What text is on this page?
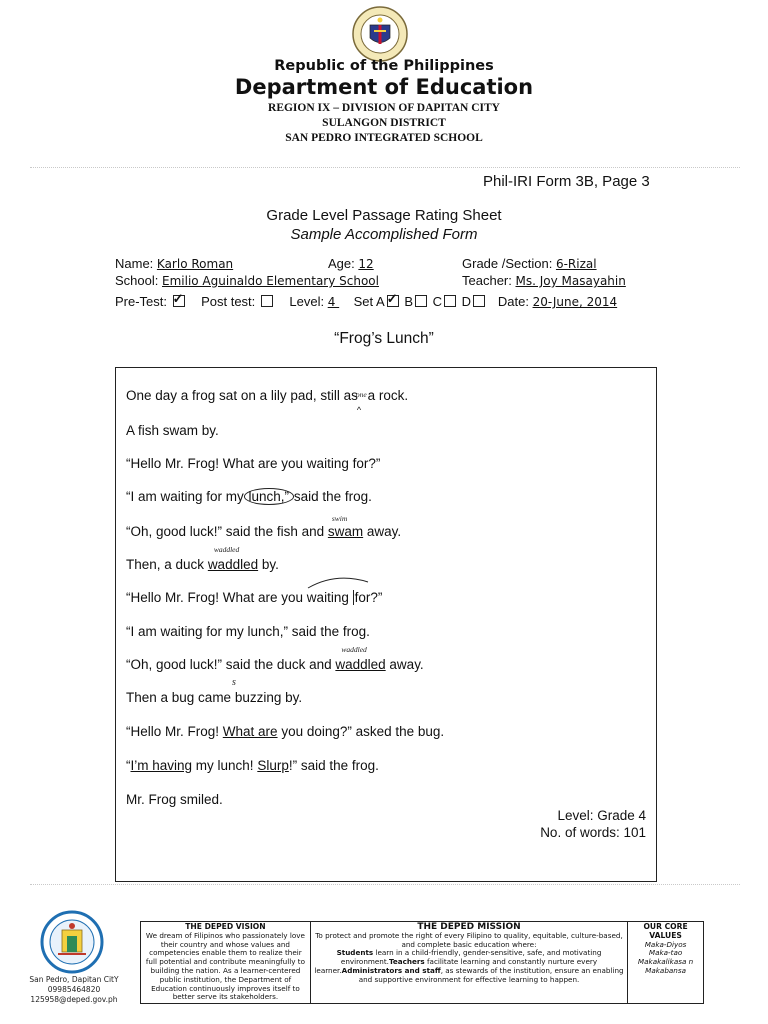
Republic of the Philippines
Department of Education
REGION IX – DIVISION OF DAPITAN CITY
SULANGON DISTRICT
SAN PEDRO INTEGRATED SCHOOL
Phil-IRI Form 3B, Page 3
Grade Level Passage Rating Sheet
Sample Accomplished Form
Name: Karlo Roman	Age: 12	Grade /Section: 6-Rizal
School: Emilio Aguinaldo Elementary School	Teacher: Ms. Joy Masayahin
Pre-Test: ✓	Post test:	Level: 4     Set A ✓ B C D Date: 20-June, 2014
“Frog’s Lunch”
One day a frog sat on a lily pad, still as
one
^
a rock.
A fish swam by.
“Hello Mr. Frog! What are you waiting for?”
“I am waiting for my lunch,” said the frog.
“Oh, good luck!” said the fish and
swim
swam away.
Then, a duck
waddled
waddled by.
“Hello Mr. Frog! What are you waiting for?”
“I am waiting for my lunch,” said the frog.
“Oh, good luck!” said the duck and
waddled
waddled away.
s
Then a bug came buzzing by.
“Hello Mr. Frog! What are you doing?” asked the bug.
“I’m having my lunch! Slurp!” said the frog.
Mr. Frog smiled.
Level: Grade 4
No. of words: 101
San Pedro, Dapitan CitY
09985464820
125958@deped.gov.ph
THE DEPED VISION
We dream of Filipinos who passionately love their country and whose values and competencies enable them to realize their full potential and contribute meaningfully to building the nation. As a learner-centered public institution, the Department of Education continuously improves itself to better serve its stakeholders.

THE DEPED MISSION
To protect and promote the right of every Filipino to quality, equitable, culture-based, and complete basic education where:
Students learn in a child-friendly, gender-sensitive, safe, and motivating environment.Teachers facilitate learning and constantly nurture every learner.Administrators and staff, as stewards of the institution, ensure an enabling and supportive environment for effective learning to happen.

OUR CORE VALUES
Maka-Diyos
Maka-tao
Makakalikasa n
Makabansa
